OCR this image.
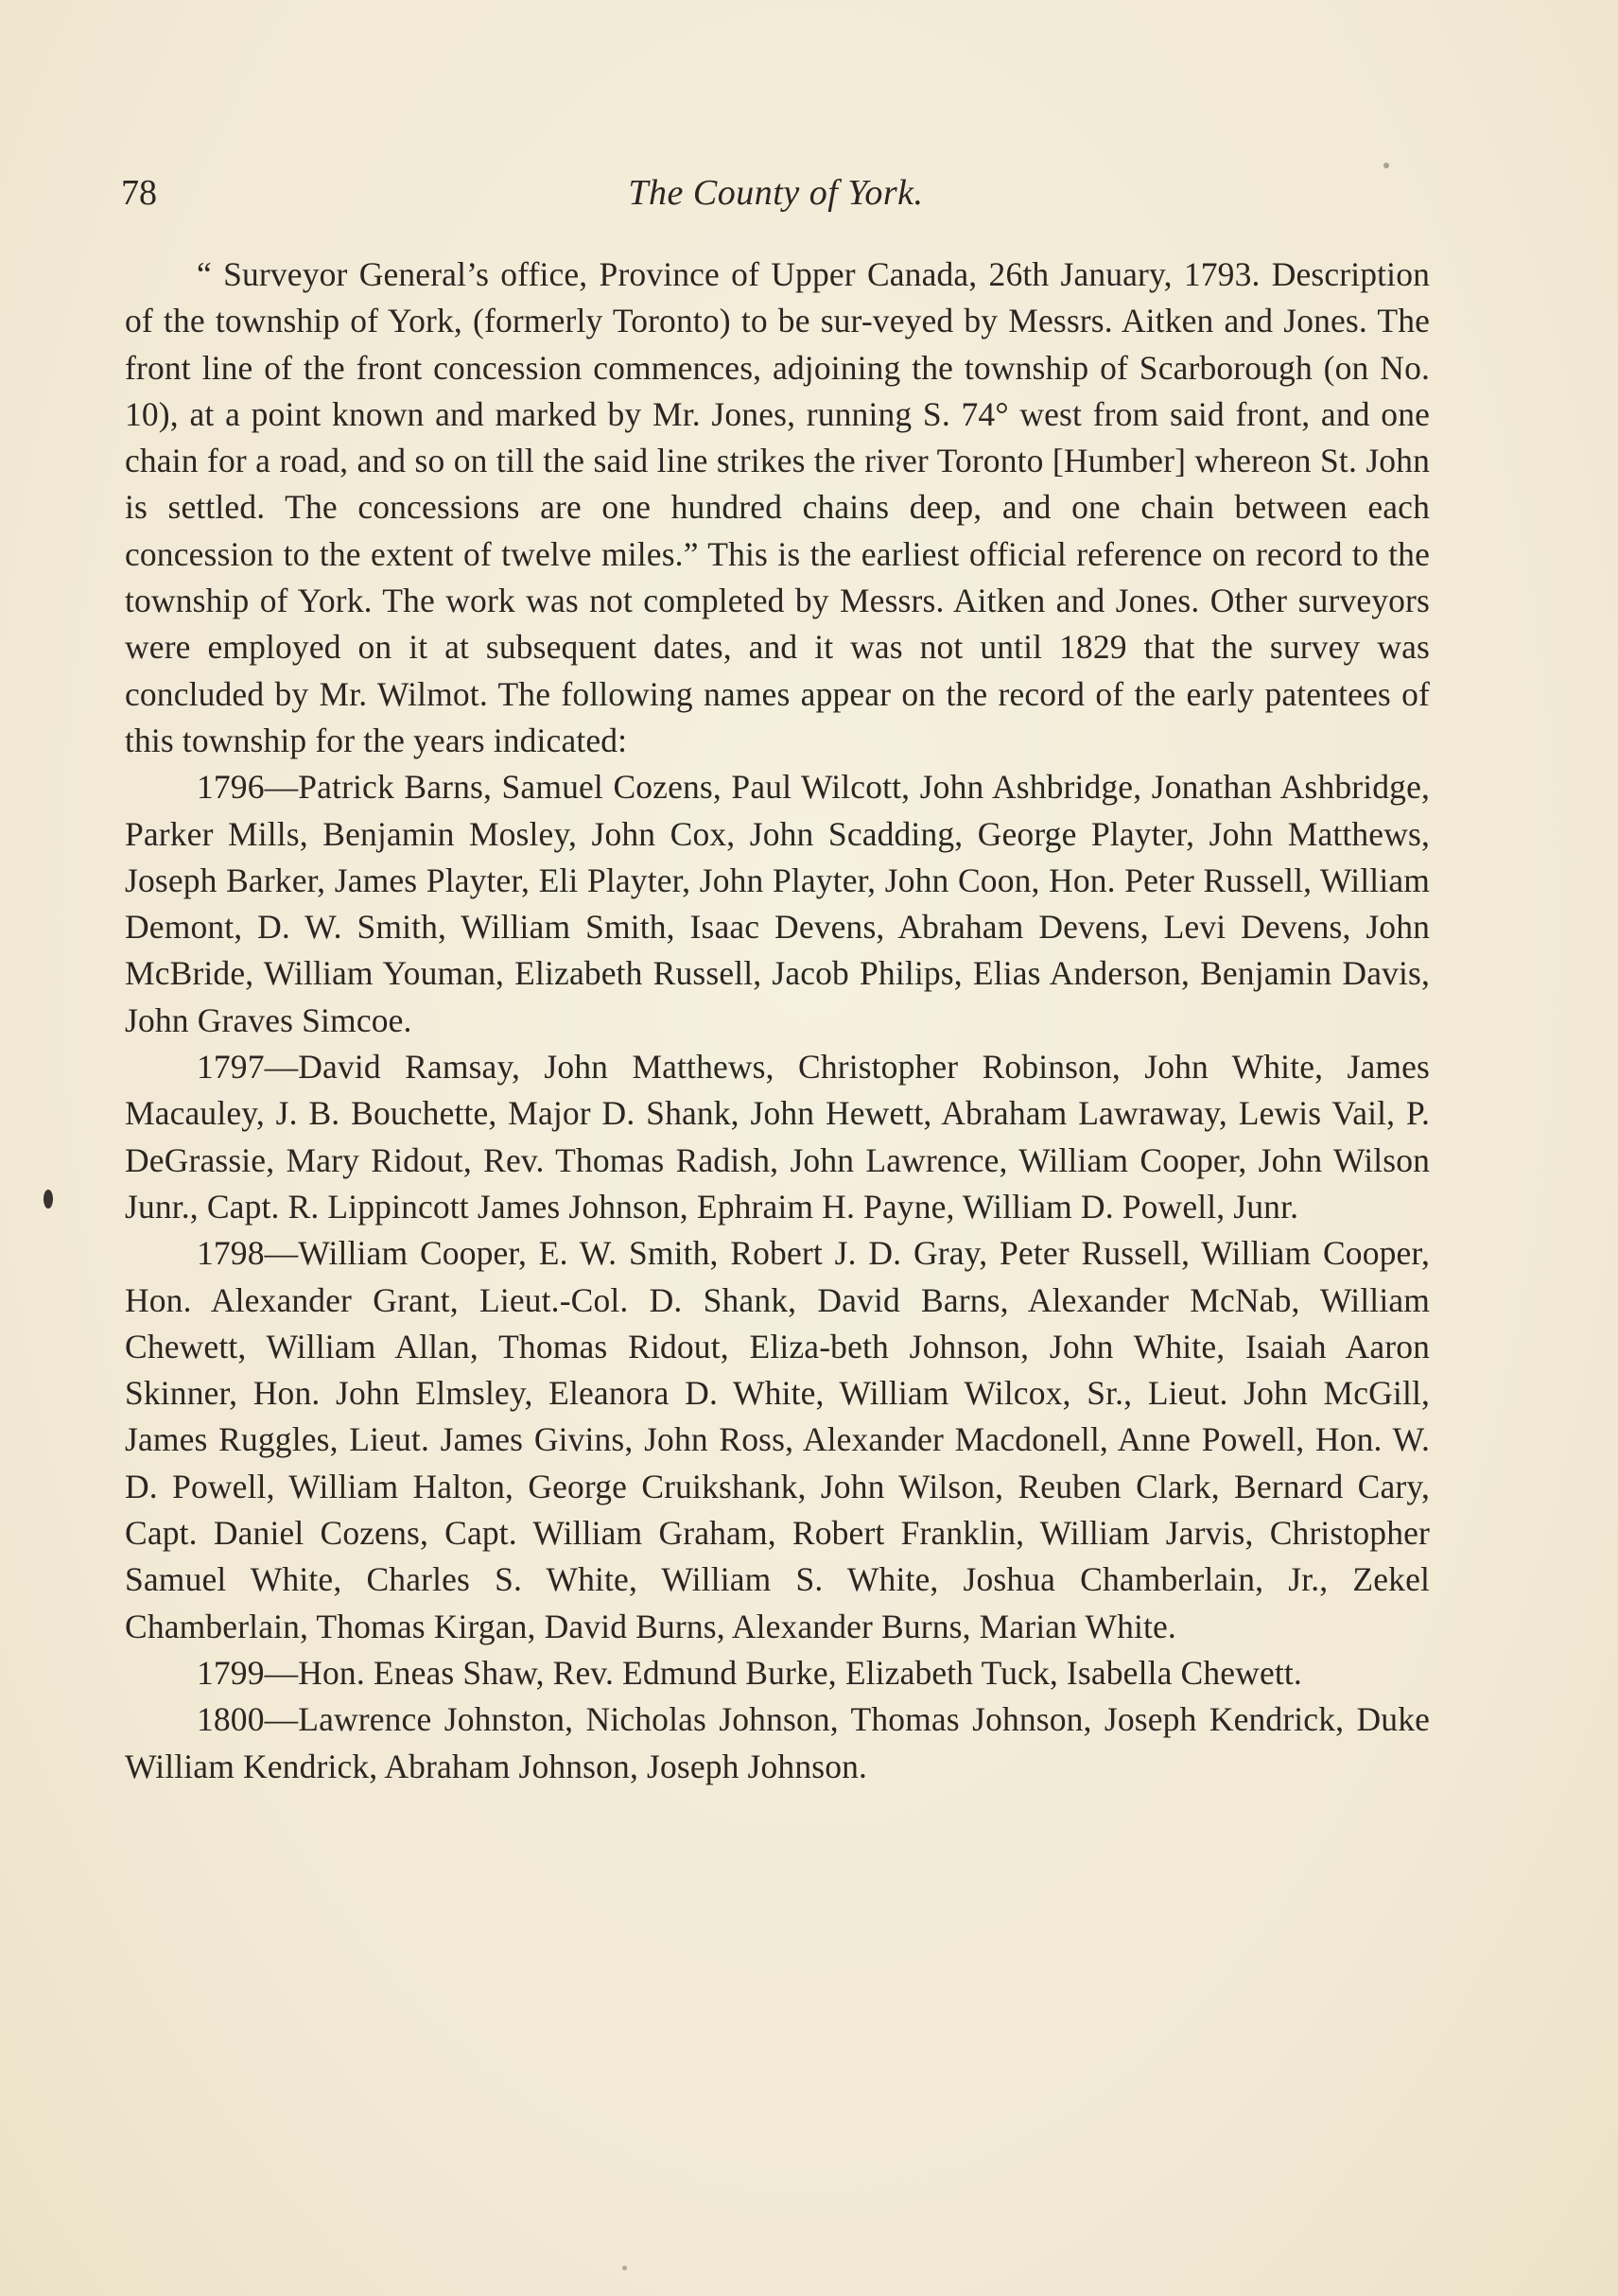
78	The County of York.

“ Surveyor General’s office, Province of Upper Canada, 26th January, 1793. Description of the township of York, (formerly Toronto) to be sur-veyed by Messrs. Aitken and Jones. The front line of the front concession commences, adjoining the township of Scarborough (on No. 10), at a point known and marked by Mr. Jones, running S. 74° west from said front, and one chain for a road, and so on till the said line strikes the river Toronto [Humber] whereon St. John is settled. The concessions are one hundred chains deep, and one chain between each concession to the extent of twelve miles.” This is the earliest official reference on record to the township of York. The work was not completed by Messrs. Aitken and Jones. Other surveyors were employed on it at subsequent dates, and it was not until 1829 that the survey was concluded by Mr. Wilmot. The following names appear on the record of the early patentees of this township for the years indicated:

1796—Patrick Barns, Samuel Cozens, Paul Wilcott, John Ashbridge, Jonathan Ashbridge, Parker Mills, Benjamin Mosley, John Cox, John Scadding, George Playter, John Matthews, Joseph Barker, James Playter, Eli Playter, John Playter, John Coon, Hon. Peter Russell, William Demont, D. W. Smith, William Smith, Isaac Devens, Abraham Devens, Levi Devens, John McBride, William Youman, Elizabeth Russell, Jacob Philips, Elias Anderson, Benjamin Davis, John Graves Simcoe.

1797—David Ramsay, John Matthews, Christopher Robinson, John White, James Macauley, J. B. Bouchette, Major D. Shank, John Hewett, Abraham Lawraway, Lewis Vail, P. DeGrassie, Mary Ridout, Rev. Thomas Radish, John Lawrence, William Cooper, John Wilson Junr., Capt. R. Lippincott James Johnson, Ephraim H. Payne, William D. Powell, Junr.

1798—William Cooper, E. W. Smith, Robert J. D. Gray, Peter Russell, William Cooper, Hon. Alexander Grant, Lieut.-Col. D. Shank, David Barns, Alexander McNab, William Chewett, William Allan, Thomas Ridout, Eliza-beth Johnson, John White, Isaiah Aaron Skinner, Hon. John Elmsley, Eleanora D. White, William Wilcox, Sr., Lieut. John McGill, James Ruggles, Lieut. James Givins, John Ross, Alexander Macdonell, Anne Powell, Hon. W. D. Powell, William Halton, George Cruikshank, John Wilson, Reuben Clark, Bernard Cary, Capt. Daniel Cozens, Capt. William Graham, Robert Franklin, William Jarvis, Christopher Samuel White, Charles S. White, William S. White, Joshua Chamberlain, Jr., Zekel Chamberlain, Thomas Kirgan, David Burns, Alexander Burns, Marian White.

1799—Hon. Eneas Shaw, Rev. Edmund Burke, Elizabeth Tuck, Isabella Chewett.

1800—Lawrence Johnston, Nicholas Johnson, Thomas Johnson, Joseph Kendrick, Duke William Kendrick, Abraham Johnson, Joseph Johnson.
